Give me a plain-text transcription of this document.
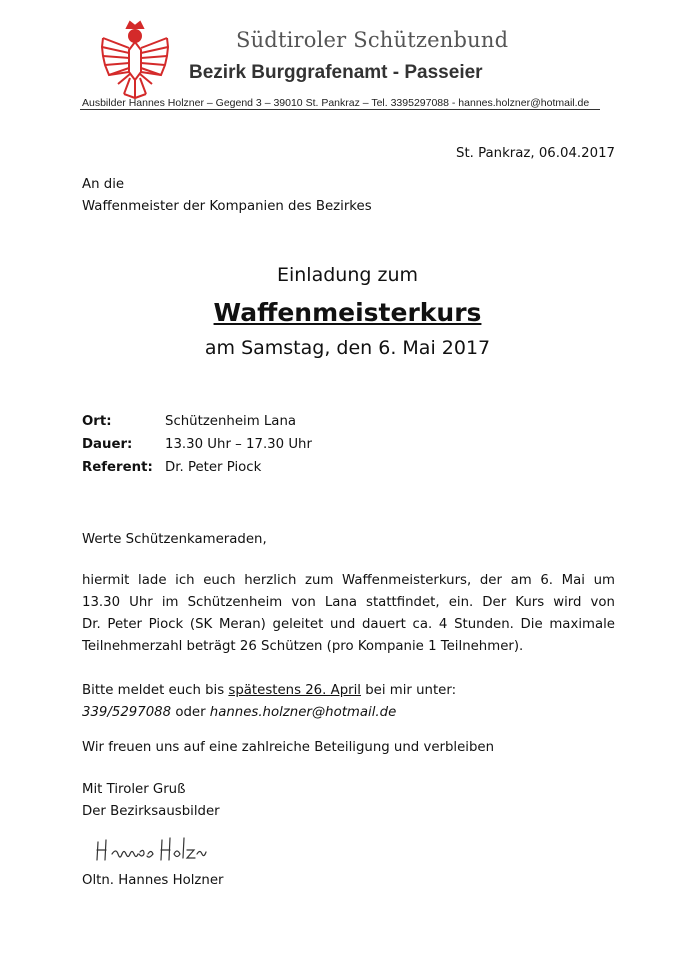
Südtiroler Schützenbund
Bezirk Burggrafenamt - Passeier
Ausbilder Hannes Holzner – Gegend 3 – 39010 St. Pankraz – Tel. 3395297088 - hannes.holzner@hotmail.de
St. Pankraz, 06.04.2017
An die
Waffenmeister der Kompanien des Bezirkes
Einladung zum
Waffenmeisterkurs
am Samstag, den 6. Mai 2017
Ort:	Schützenheim Lana
Dauer: 13.30 Uhr – 17.30 Uhr
Referent: Dr. Peter Piock
Werte Schützenkameraden,
hiermit lade ich euch herzlich zum Waffenmeisterkurs, der am 6. Mai um
13.30 Uhr im Schützenheim von Lana stattfindet, ein. Der Kurs wird von
Dr. Peter Piock (SK Meran) geleitet und dauert ca. 4 Stunden. Die maximale
Teilnehmerzahl beträgt 26 Schützen (pro Kompanie 1 Teilnehmer).
Bitte meldet euch bis spätestens 26. April bei mir unter:
339/5297088 oder hannes.holzner@hotmail.de
Wir freuen uns auf eine zahlreiche Beteiligung und verbleiben
Mit Tiroler Gruß
Der Bezirksausbilder
Oltn. Hannes Holzner
